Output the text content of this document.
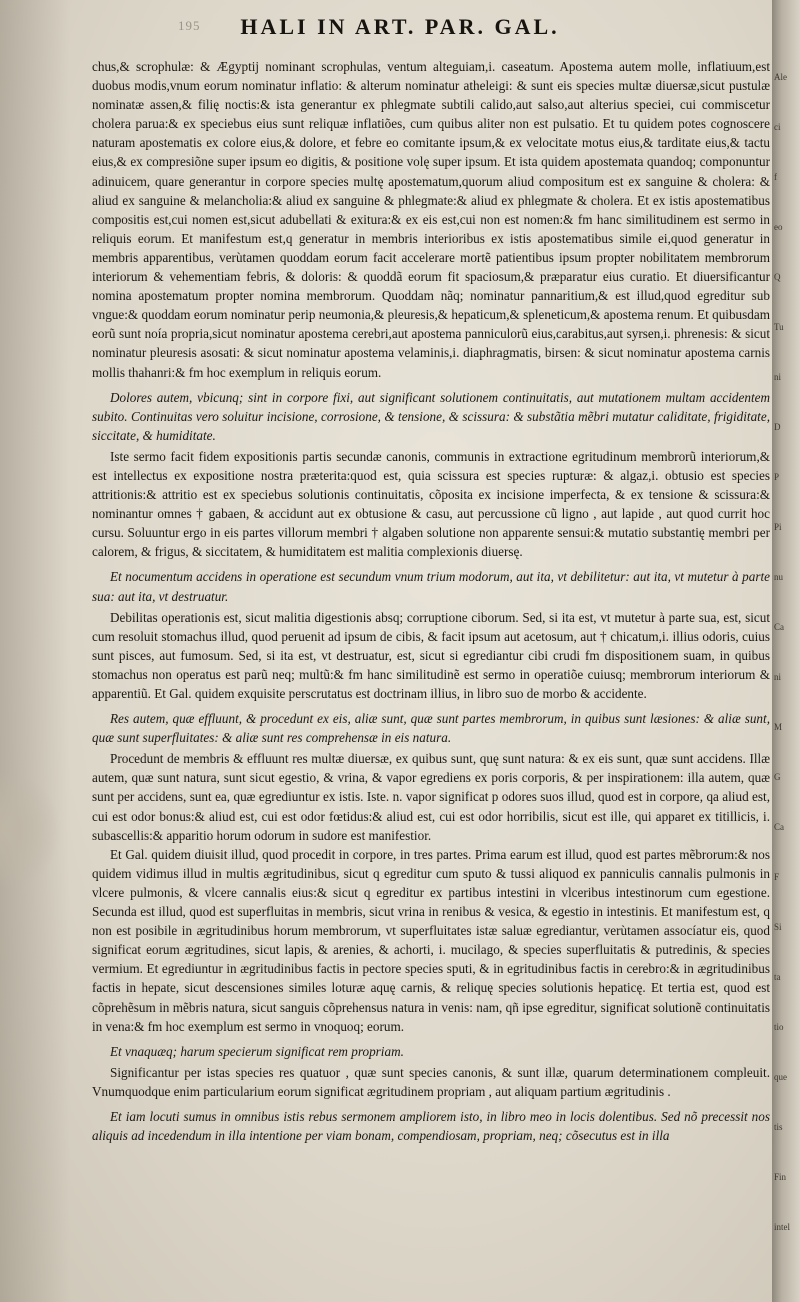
195	HALI IN ART. PAR. GAL.

chus,& scrophulæ: & Ægyptij nominant scrophulas, ventum alteguiam,i. caseatum. Apostema autem molle, inflatiuum,est duobus modis,vnum eorum nominatur inflatio: & alterum nominatur atheleigi: & sunt eis species multæ diuersæ,sicut pustulæ nominatæ assen,& filię noctis:& ista generantur ex phlegmate subtili calido,aut salso,aut alterius speciei, cui commiscetur cholera parua:& ex speciebus eius sunt reliquæ inflatiões, cum quibus aliter non est pulsatio. Et tu quidem potes cognoscere naturam apostematis ex colore eius,& dolore, et febre eo comitante ipsum,& ex velocitate motus eius,& tarditate eius,& tactu eius,& ex compresiõne super ipsum eo digitis, & positione volę super ipsum. Et ista quidem apostemata quandoq; componuntur adinuicem, quare generantur in corpore species multę apostematum,quorum aliud compositum est ex sanguine & cholera: & aliud ex sanguine & melancholia:& aliud ex sanguine & phlegmate:& aliud ex phlegmate & cholera. Et ex istis apostematibus compositis est,cui nomen est,sicut adubellati & exitura:& ex eis est,cui non est nomen:& fm hanc similitudinem est sermo in reliquis eorum. Et manifestum est,q generatur in membris interioribus ex istis apostematibus simile ei,quod generatur in membris apparentibus, verùtamen quoddam eorum facit accelerare mortẽ patientibus ipsum propter nobilitatem membrorum interiorum & vehementiam febris, & doloris: & quoddã eorum fit spaciosum,& præparatur eius curatio. Et diuersificantur nomina apostematum propter nomina membrorum. Quoddam nãq; nominatur pannaritium,& est illud,quod egreditur sub vngue:& quoddam eorum nominatur perip neumonia,& pleuresis,& hepaticum,& spleneticum,& apostema renum. Et quibusdam eorũ sunt noía propria,sicut nominatur apostema cerebri,aut apostema panniculorũ eius,carabitus,aut syrsen,i. phrenesis: & sicut nominatur pleuresis asosati: & sicut nominatur apostema velaminis,i. diaphragmatis, birsen: & sicut nominatur apostema carnis mollis thahanri:& fm hoc exemplum in reliquis eorum.

Dolores autem, vbicunq; sint in corpore fixi, aut significant solutionem continuitatis, aut mutationem multam accidentem subito. Continuitas vero soluitur incisione, corrosione, & tensione, & scissura: & substãtia mẽbri mutatur caliditate, frigiditate, siccitate, & humiditate.

Iste sermo facit fidem expositionis partis secundæ canonis, communis in extractione egritudinum membrorũ interiorum,& est intellectus ex expositione nostra præterita:quod est, quia scissura est species rupturæ: & algaz,i. obtusio est species attritionis:& attritio est ex speciebus solutionis continuitatis, cõposita ex incisione imperfecta, & ex tensione & scissura:& nominantur omnes † gabaen, & accidunt aut ex obtusione & casu, aut percussione cũ ligno , aut lapide , aut quod currit hoc cursu. Soluuntur ergo in eis partes villorum membri † algaben solutione non apparente sensui:& mutatio substantię membri per calorem, & frigus, & siccitatem, & humiditatem est malitia complexionis diuersę.

Et nocumentum accidens in operatione est secundum vnum trium modorum, aut ita, vt debilitetur: aut ita, vt mutetur à parte sua: aut ita, vt destruatur.

Debilitas operationis est, sicut malitia digestionis absq; corruptione ciborum. Sed, si ita est, vt mutetur à parte sua, est, sicut cum resoluit stomachus illud, quod peruenit ad ipsum de cibis, & facit ipsum aut acetosum, aut † chicatum,i. illius odoris, cuius sunt pisces, aut fumosum. Sed, si ita est, vt destruatur, est, sicut si egrediantur cibi crudi fm dispositionem suam, in quibus stomachus non operatus est parũ neq; multũ:& fm hanc similitudinẽ est sermo in operatiõe cuiusq; membrorum interiorum & apparentiũ. Et Gal. quidem exquisite perscrutatus est doctrinam illius, in libro suo de morbo & accidente.

Res autem, quæ effluunt, & procedunt ex eis, aliæ sunt, quæ sunt partes membrorum, in quibus sunt læsiones: & aliæ sunt, quæ sunt superfluitates: & aliæ sunt res comprehensæ in eis natura.

Procedunt de membris & effluunt res multæ diuersæ, ex quibus sunt, quę sunt natura: & ex eis sunt, quæ sunt accidens. Illæ autem, quæ sunt natura, sunt sicut egestio, & vrina, & vapor egrediens ex poris corporis, & per inspirationem: illa autem, quæ sunt per accidens, sunt ea, quæ egrediuntur ex istis. Iste. n. vapor significat p odores suos illud, quod est in corpore, qa aliud est, cui est odor bonus:& aliud est, cui est odor fœtidus:& aliud est, cui est odor horribilis, sicut est ille, qui apparet ex titillicis, i. subascellis:& apparitio horum odorum in sudore est manifestior.

Et Gal. quidem diuisit illud, quod procedit in corpore, in tres partes. Prima earum est illud, quod est partes mẽbrorum:& nos quidem vidimus illud in multis ægritudinibus, sicut q egreditur cum sputo & tussi aliquod ex panniculis cannalis pulmonis in vlcere pulmonis, & vlcere cannalis eius:& sicut q egreditur ex partibus intestini in vlceribus intestinorum cum egestione. Secunda est illud, quod est superfluitas in membris, sicut vrina in renibus & vesica, & egestio in intestinis. Et manifestum est, q non est posibile in ægritudinibus horum membrorum, vt superfluitates istæ saluæ egrediantur, verùtamen assocíatur eis, quod significat eorum ægritudines, sicut lapis, & arenies, & achorti, i. mucilago, & species superfluitatis & putredinis, & species vermium. Et egrediuntur in ægritudinibus factis in pectore species sputi, & in egritudinibus factis in cerebro:& in ægritudinibus factis in hepate, sicut descensiones similes loturæ aquę carnis, & reliquę species solutionis hepaticę. Et tertia est, quod est cõprehẽsum in mẽbris natura, sicut sanguis cõprehensus natura in venis: nam, qñ ipse egreditur, significat solutionẽ continuitatis in vena:& fm hoc exemplum est sermo in vnoquoq; eorum.

Et vnaquæq; harum specierum significat rem propriam.

Significantur per istas species res quatuor , quæ sunt species canonis, & sunt illæ, quarum determinationem compleuit. Vnumquodque enim particularium eorum significat ægritudinem propriam , aut aliquam partium ægritudinis .

Et iam locuti sumus in omnibus istis rebus sermonem ampliorem isto, in libro meo in locis dolentibus. Sed nõ precessit nos aliquis ad incedendum in illa intentione per viam bonam, compendiosam, propriam, neq; cõsecutus est in illa

Ale
ci
f
eo
Q
Tu
ni
D
P
Pi
nu
Ca
ni
M
G
Ca
F
Si
ta
tio
que
tis
Fin
intel
